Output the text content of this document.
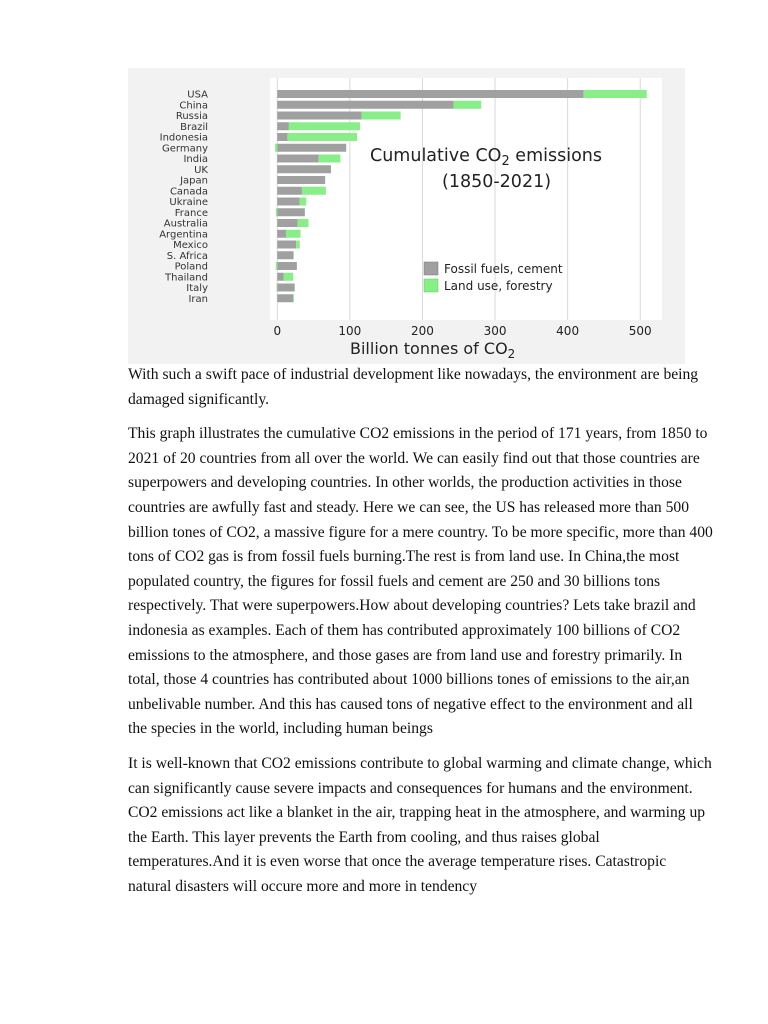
USA
China
Russia
Brazil
Indonesia
Germany
India
UK
Japan
Canada
Ukraine
France
Australia
Argentina
Mexico
S. Africa
Poland
Thailand
Italy
Iran
0	100	200	300	400	500
Cumulative $CO_2$ emissions
(1850-2021)
Fossil fuels, cement
Land use, forestry
Billion tonnes of $CO_2$

With such a swift pace of industrial development like nowadays, the environment are being damaged significantly.

This graph illustrates the cumulative CO2 emissions in the period of 171 years, from 1850 to 2021 of 20 countries from all over the world. We can easily find out that those countries are superpowers and developing countries. In other worlds, the production activities in those countries are awfully fast and steady. Here we can see, the US has released more than 500 billion tones of CO2, a massive figure for a mere country. To be more specific, more than 400 tons of CO2 gas is from fossil fuels burning.The rest is from land use. In China,the most populated country, the figures for fossil fuels and cement are 250 and 30 billions tons respectively. That were superpowers.How about developing countries? Lets take brazil and indonesia as examples. Each of them has contributed approximately 100 billions of CO2 emissions to the atmosphere, and those gases are from land use and forestry primarily. In total, those 4 countries has contributed about 1000 billions tones of emissions to the air,an unbelivable number. And this has caused tons of negative effect to the environment and all the species in the world, including human beings

It is well-known that CO2 emissions contribute to global warming and climate change, which can significantly cause severe impacts and consequences for humans and the environment. CO2 emissions act like a blanket in the air, trapping heat in the atmosphere, and warming up the Earth. This layer prevents the Earth from cooling, and thus raises global temperatures.And it is even worse that once the average temperature rises. Catastropic natural disasters will occure more and more in tendency
